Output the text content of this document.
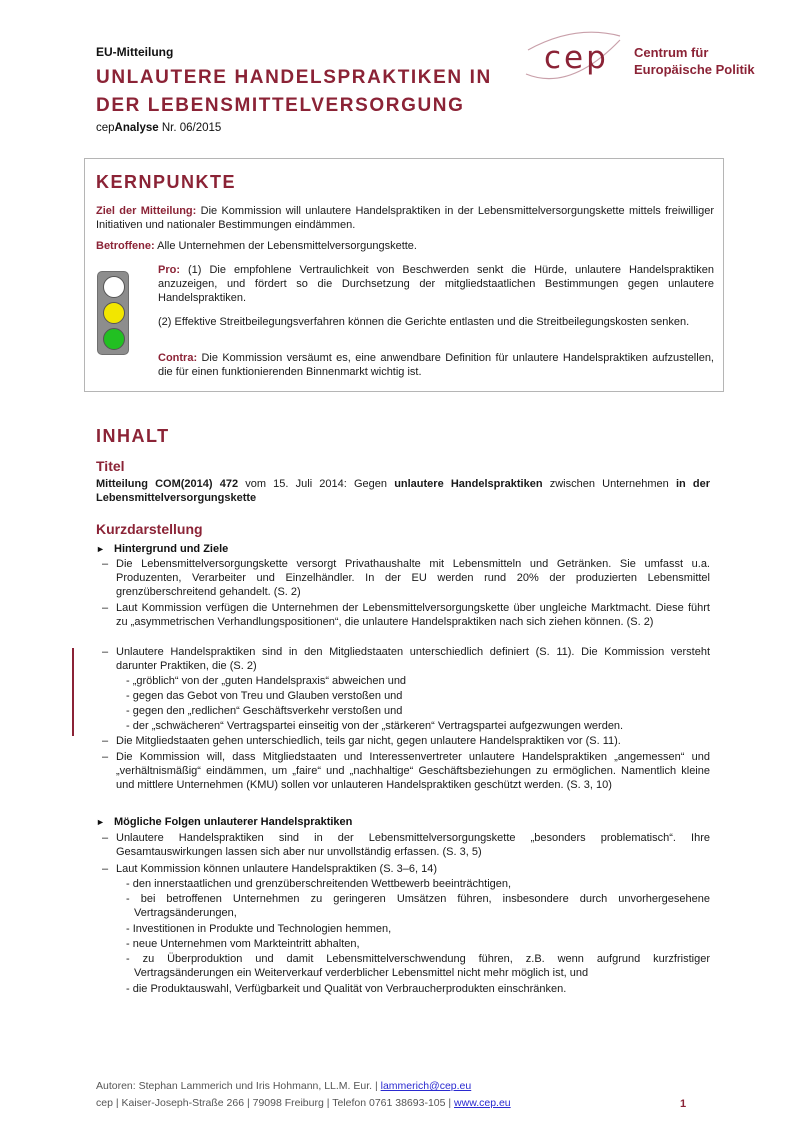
EU-Mitteilung
UNLAUTERE HANDELSPRAKTIKEN IN
DER LEBENSMITTELVERSORGUNG
cepAnalyse Nr. 06/2015
cep Centrum für
Europäische Politik
KERNPUNKTE
Ziel der Mitteilung: Die Kommission will unlautere Handelspraktiken in der Lebensmittelversorgungskette mittels freiwilliger Initiativen und nationaler Bestimmungen eindämmen.
Betroffene: Alle Unternehmen der Lebensmittelversorgungskette.
Pro: (1) Die empfohlene Vertraulichkeit von Beschwerden senkt die Hürde, unlautere Handelspraktiken anzuzeigen, und fördert so die Durchsetzung der mitgliedstaatlichen Bestimmungen gegen unlautere Handelspraktiken.
(2) Effektive Streitbeilegungsverfahren können die Gerichte entlasten und die Streitbeilegungskosten senken.
Contra: Die Kommission versäumt es, eine anwendbare Definition für unlautere Handelspraktiken aufzustellen, die für einen funktionierenden Binnenmarkt wichtig ist.
INHALT
Titel
Mitteilung COM(2014) 472 vom 15. Juli 2014: Gegen unlautere Handelspraktiken zwischen Unternehmen in der Lebensmittelversorgungskette
Kurzdarstellung
► Hintergrund und Ziele
– Die Lebensmittelversorgungskette versorgt Privathaushalte mit Lebensmitteln und Getränken. Sie umfasst u.a. Produzenten, Verarbeiter und Einzelhändler. In der EU werden rund 20% der produzierten Lebensmittel grenzüberschreitend gehandelt. (S. 2)
– Laut Kommission verfügen die Unternehmen der Lebensmittelversorgungskette über ungleiche Marktmacht. Diese führt zu „asymmetrischen Verhandlungspositionen“, die unlautere Handelspraktiken nach sich ziehen können. (S. 2)
– Unlautere Handelspraktiken sind in den Mitgliedstaaten unterschiedlich definiert (S. 11). Die Kommission versteht darunter Praktiken, die (S. 2)
- „gröblich“ von der „guten Handelspraxis“ abweichen und
- gegen das Gebot von Treu und Glauben verstoßen und
- gegen den „redlichen“ Geschäftsverkehr verstoßen und
- der „schwächeren“ Vertragspartei einseitig von der „stärkeren“ Vertragspartei aufgezwungen werden.
– Die Mitgliedstaaten gehen unterschiedlich, teils gar nicht, gegen unlautere Handelspraktiken vor (S. 11).
– Die Kommission will, dass Mitgliedstaaten und Interessenvertreter unlautere Handelspraktiken „angemessen“ und „verhältnismäßig“ eindämmen, um „faire“ und „nachhaltige“ Geschäftsbeziehungen zu ermöglichen. Namentlich kleine und mittlere Unternehmen (KMU) sollen vor unlauteren Handelspraktiken geschützt werden. (S. 3, 10)
► Mögliche Folgen unlauterer Handelspraktiken
– Unlautere Handelspraktiken sind in der Lebensmittelversorgungskette „besonders problematisch“. Ihre Gesamtauswirkungen lassen sich aber nur unvollständig erfassen. (S. 3, 5)
– Laut Kommission können unlautere Handelspraktiken (S. 3–6, 14)
- den innerstaatlichen und grenzüberschreitenden Wettbewerb beeinträchtigen,
- bei betroffenen Unternehmen zu geringeren Umsätzen führen, insbesondere durch unvorhergesehene Vertragsänderungen,
- Investitionen in Produkte und Technologien hemmen,
- neue Unternehmen vom Markteintritt abhalten,
- zu Überproduktion und damit Lebensmittelverschwendung führen, z.B. wenn aufgrund kurzfristiger Vertragsänderungen ein Weiterverkauf verderblicher Lebensmittel nicht mehr möglich ist, und
- die Produktauswahl, Verfügbarkeit und Qualität von Verbraucherprodukten einschränken.
Autoren: Stephan Lammerich und Iris Hohmann, LL.M. Eur. | lammerich@cep.eu
cep | Kaiser-Joseph-Straße 266 | 79098 Freiburg | Telefon 0761 38693-105 | www.cep.eu	1
